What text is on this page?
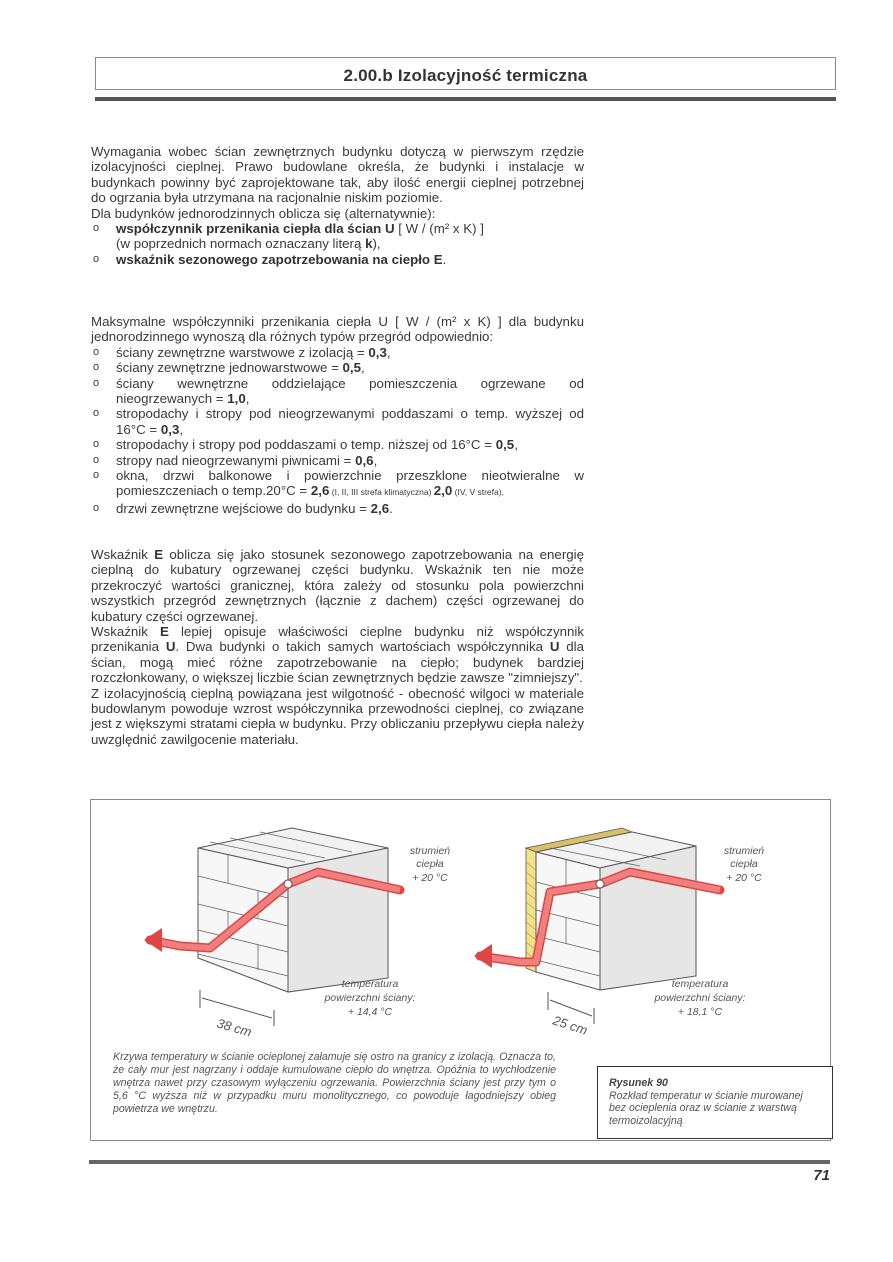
2.00.b Izolacyjność termiczna

Wymagania wobec ścian zewnętrznych budynku dotyczą w pierwszym rzędzie izolacyjności cieplnej. Prawo budowlane określa, że budynki i instalacje w budynkach powinny być zaprojektowane tak, aby ilość energii cieplnej potrzebnej do ogrzania była utrzymana na racjonalnie niskim poziomie.

Dla budynków jednorodzinnych oblicza się (alternatywnie):

o współczynnik przenikania ciepła dla ścian U [ W / (m² x K) ]
(w poprzednich normach oznaczany literą k),
o wskaźnik sezonowego zapotrzebowania na ciepło E.

Maksymalne współczynniki przenikania ciepła U [ W / (m² x K) ] dla budynku jednorodzinnego wynoszą dla różnych typów przegród odpowiednio:

o ściany zewnętrzne warstwowe z izolacją = 0,3,
o ściany zewnętrzne jednowarstwowe = 0,5,
o ściany wewnętrzne oddzielające pomieszczenia ogrzewane od nieogrzewanych = 1,0,
o stropodachy i stropy pod nieogrzewanymi poddaszami o temp. wyższej od 16°C = 0,3,
o stropodachy i stropy pod poddaszami o temp. niższej od 16°C = 0,5,
o stropy nad nieogrzewanymi piwnicami = 0,6,
o okna, drzwi balkonowe i powierzchnie przeszklone nieotwieralne w pomieszczeniach o temp.20°C = 2,6 (I, II, III strefa klimatyczna) 2,0 (IV, V strefa),
o drzwi zewnętrzne wejściowe do budynku = 2,6.

Wskaźnik E oblicza się jako stosunek sezonowego zapotrzebowania na energię cieplną do kubatury ogrzewanej części budynku. Wskaźnik ten nie może przekroczyć wartości granicznej, która zależy od stosunku pola powierzchni wszystkich przegród zewnętrznych (łącznie z dachem) części ogrzewanej do kubatury części ogrzewanej.

Wskaźnik E lepiej opisuje właściwości cieplne budynku niż współczynnik przenikania U. Dwa budynki o takich samych wartościach współczynnika U dla ścian, mogą mieć różne zapotrzebowanie na ciepło; budynek bardziej rozczłonkowany, o większej liczbie ścian zewnętrznych będzie zawsze "zimniejszy".

Z izolacyjnością cieplną powiązana jest wilgotność - obecność wilgoci w materiale budowlanym powoduje wzrost współczynnika przewodności cieplnej, co związane jest z większymi stratami ciepła w budynku. Przy obliczaniu przepływu ciepła należy uwzględnić zawilgocenie materiału.

38 cm
strumień
ciepła
+ 20 °C
temperatura
powierzchni ściany:
+ 14,4 °C
25 cm
strumień
ciepła
+ 20 °C
temperatura
powierzchni ściany:
+ 18,1 °C
Krzywa temperatury w ścianie ocieplonej załamuje się ostro na granicy z izolacją. Oznacza to, że cały mur jest nagrzany i oddaje kumulowane ciepło do wnętrza. Opóźnia to wychłodzenie wnętrza nawet przy czasowym wyłączeniu ogrzewania. Powierzchnia ściany jest przy tym o 5,6 °C wyższa niż w przypadku muru monolitycznego, co powoduje łagodniejszy obieg powietrza we wnętrzu.
Rysunek 90
Rozkład temperatur w ścianie murowanej bez ocieplenia oraz w ścianie z warstwą termoizolacyjną
71
